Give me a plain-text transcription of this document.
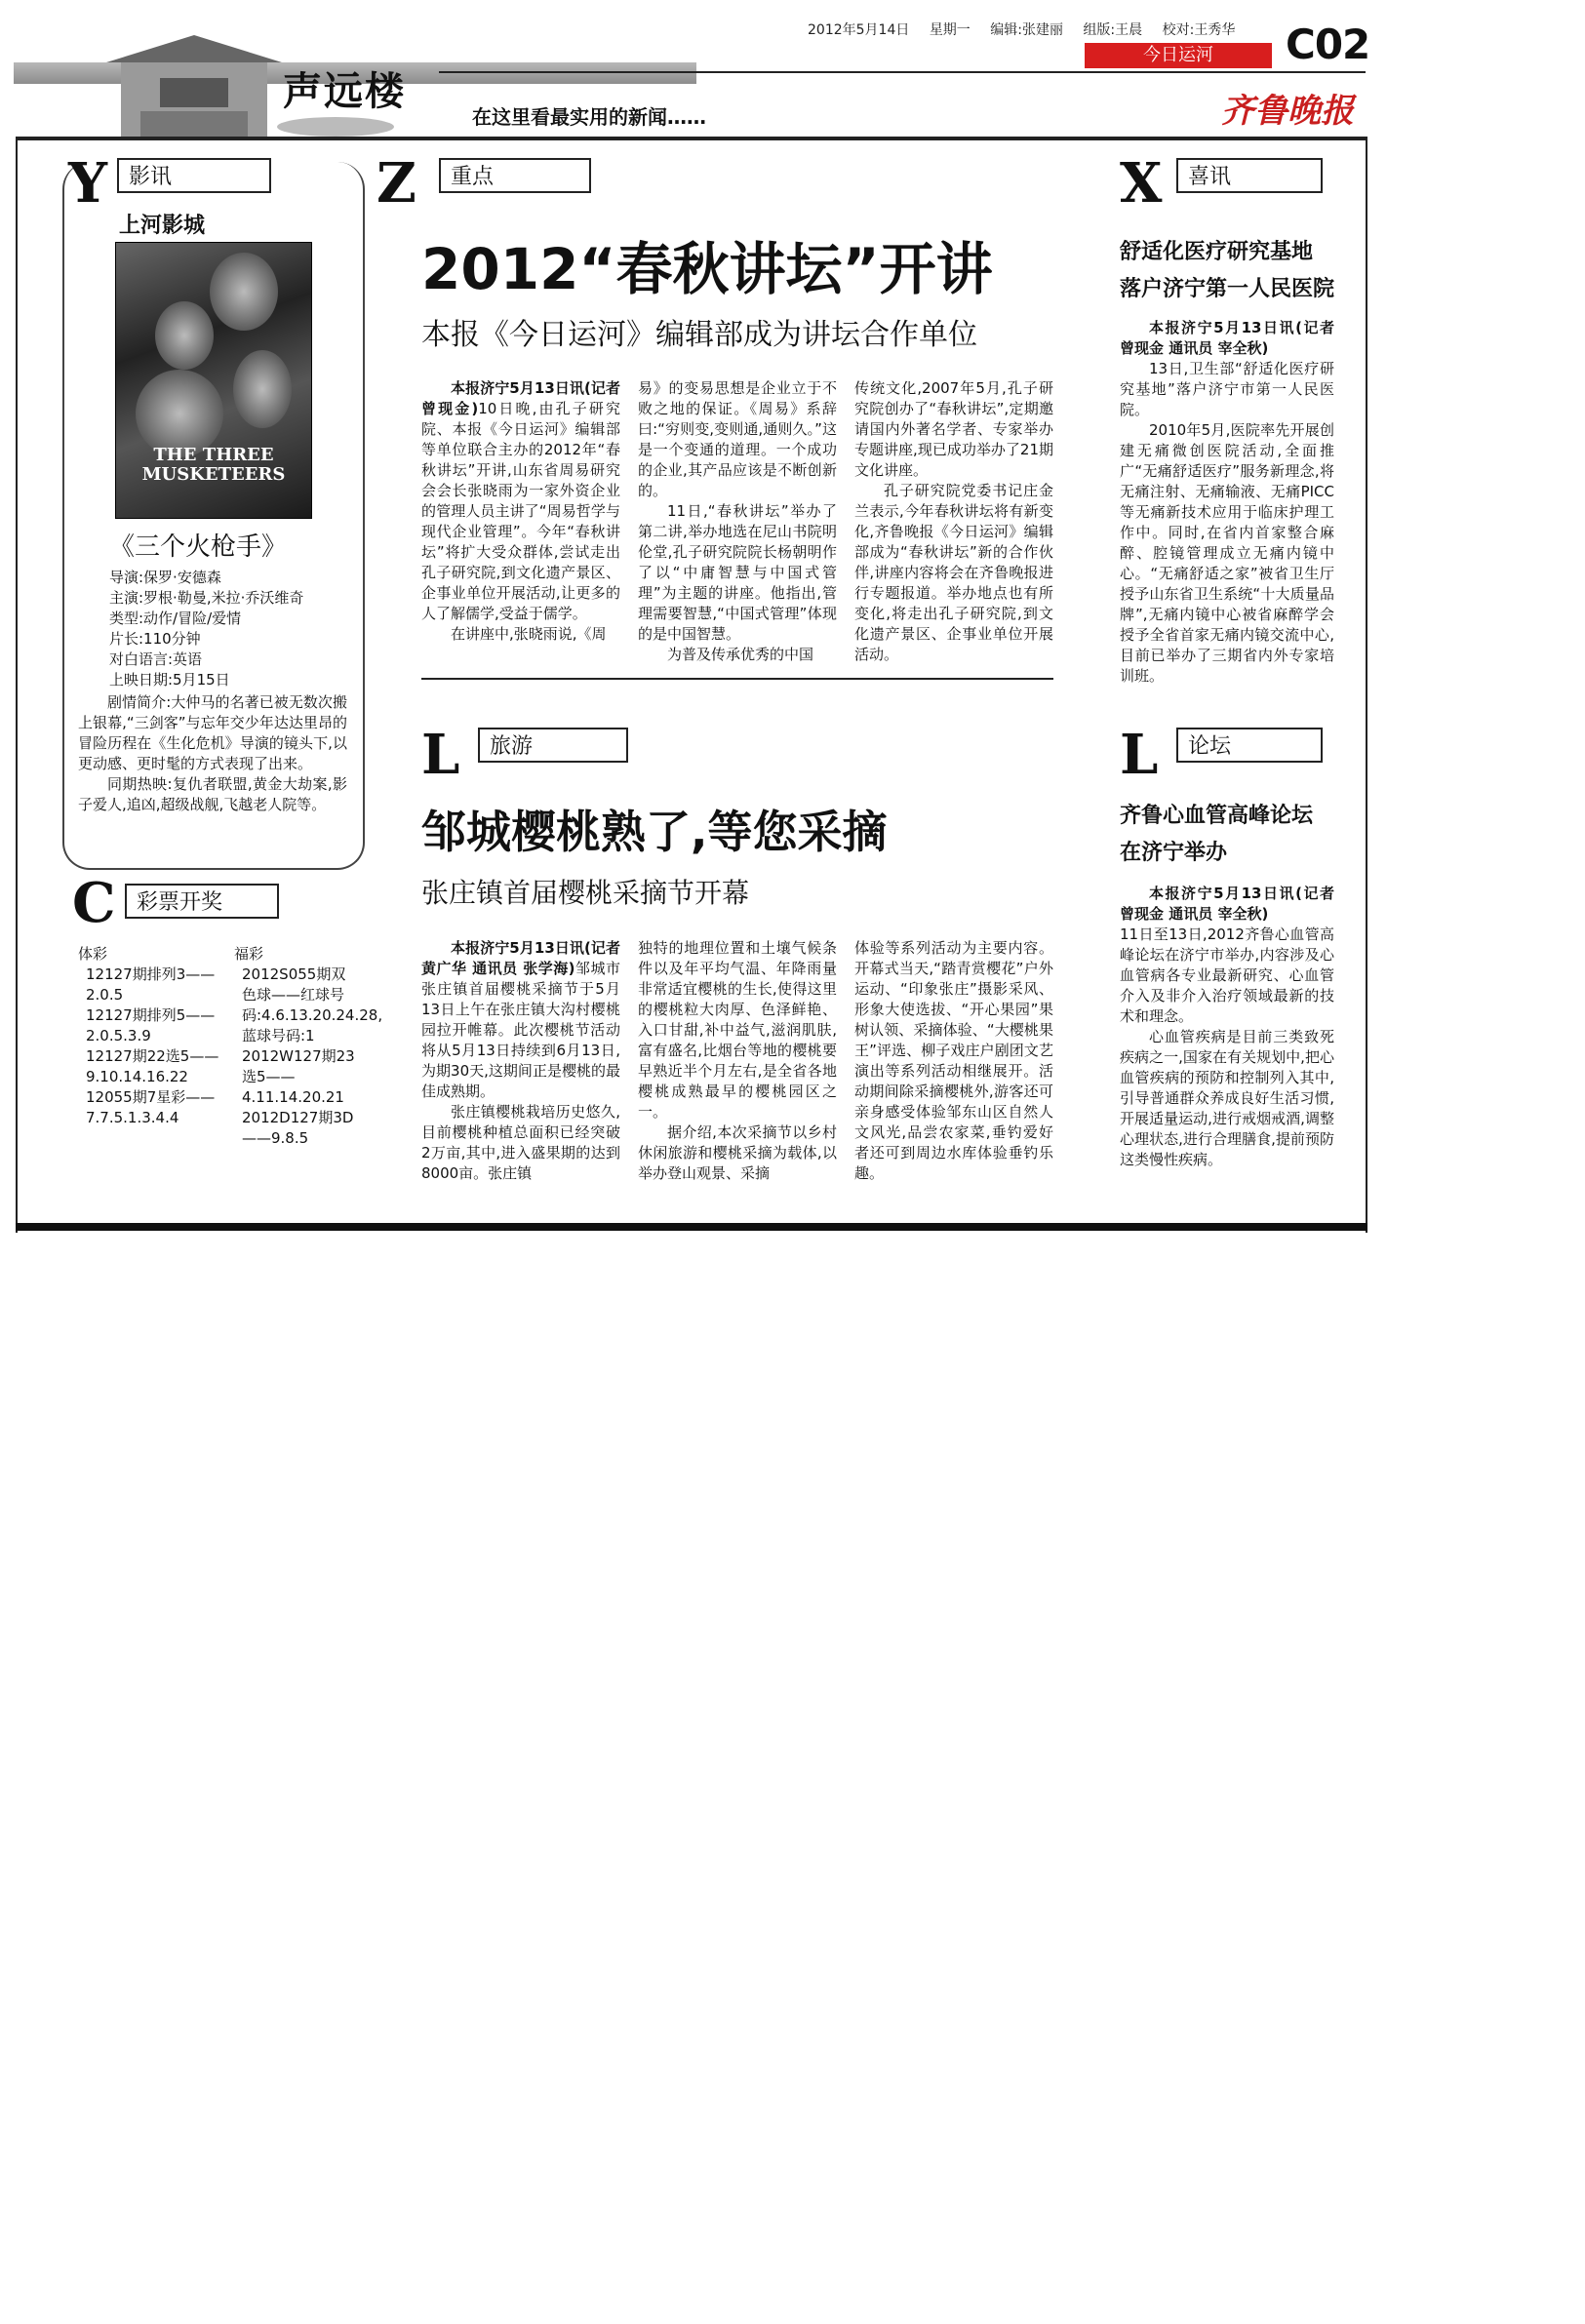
声远楼
在这里看最实用的新闻……
2012年5月14日 星期一 编辑:张建丽 组版:王晨 校对:王秀华	C02
今日运河
齐鲁晚报
Y	影讯
上河影城
THE THREE MUSKETEERS
《三个火枪手》
导演:保罗·安德森
主演:罗根·勒曼,米拉·乔沃维奇
类型:动作/冒险/爱情
片长:110分钟
对白语言:英语
上映日期:5月15日

剧情简介:大仲马的名著已被无数次搬上银幕,“三剑客”与忘年交少年达达里昂的冒险历程在《生化危机》导演的镜头下,以更动感、更时髦的方式表现了出来。

同期热映:复仇者联盟,黄金大劫案,影子爱人,追凶,超级战舰,飞越老人院等。

C 彩票开奖
体彩
12127期排列3——2.0.5
12127期排列5——2.0.5.3.9
12127期22选5——9.10.14.16.22
12055期7星彩——7.7.5.1.3.4.4
福彩
2012S055期双色球——红球号码:4.6.13.20.24.28,蓝球号码:1
2012W127期23选5——4.11.14.20.21
2012D127期3D——9.8.5
Z	重点
2012“春秋讲坛”开讲
本报《今日运河》编辑部成为讲坛合作单位

本报济宁5月13日讯(记者 曾现金)10日晚,由孔子研究院、本报《今日运河》编辑部等单位联合主办的2012年“春秋讲坛”开讲,山东省周易研究会会长张晓雨为一家外资企业的管理人员主讲了“周易哲学与现代企业管理”。今年“春秋讲坛”将扩大受众群体,尝试走出孔子研究院,到文化遗产景区、企事业单位开展活动,让更多的人了解儒学,受益于儒学。

在讲座中,张晓雨说,《周

易》的变易思想是企业立于不败之地的保证。《周易》系辞曰:“穷则变,变则通,通则久。”这是一个变通的道理。一个成功的企业,其产品应该是不断创新的。

11日,“春秋讲坛”举办了第二讲,举办地选在尼山书院明伦堂,孔子研究院院长杨朝明作了以“中庸智慧与中国式管理”为主题的讲座。他指出,管理需要智慧,“中国式管理”体现的是中国智慧。

为普及传承优秀的中国

传统文化,2007年5月,孔子研究院创办了“春秋讲坛”,定期邀请国内外著名学者、专家举办专题讲座,现已成功举办了21期文化讲座。

孔子研究院党委书记庄金兰表示,今年春秋讲坛将有新变化,齐鲁晚报《今日运河》编辑部成为“春秋讲坛”新的合作伙伴,讲座内容将会在齐鲁晚报进行专题报道。举办地点也有所变化,将走出孔子研究院,到文化遗产景区、企事业单位开展活动。

L	旅游
邹城樱桃熟了,等您采摘
张庄镇首届樱桃采摘节开幕

本报济宁5月13日讯(记者 黄广华 通讯员 张学海)邹城市张庄镇首届樱桃采摘节于5月13日上午在张庄镇大沟村樱桃园拉开帷幕。此次樱桃节活动将从5月13日持续到6月13日,为期30天,这期间正是樱桃的最佳成熟期。

张庄镇樱桃栽培历史悠久,目前樱桃种植总面积已经突破2万亩,其中,进入盛果期的达到8000亩。张庄镇

独特的地理位置和土壤气候条件以及年平均气温、年降雨量非常适宜樱桃的生长,使得这里的樱桃粒大肉厚、色泽鲜艳、入口甘甜,补中益气,滋润肌肤,富有盛名,比烟台等地的樱桃要早熟近半个月左右,是全省各地樱桃成熟最早的樱桃园区之一。

据介绍,本次采摘节以乡村休闲旅游和樱桃采摘为载体,以举办登山观景、采摘

体验等系列活动为主要内容。开幕式当天,“踏青赏樱花”户外运动、“印象张庄”摄影采风、形象大使选拔、“开心果园”果树认领、采摘体验、“大樱桃果王”评选、柳子戏庄户剧团文艺演出等系列活动相继展开。活动期间除采摘樱桃外,游客还可亲身感受体验邹东山区自然人文风光,品尝农家菜,垂钓爱好者还可到周边水库体验垂钓乐趣。

X	喜讯
舒适化医疗研究基地
落户济宁第一人民医院

本报济宁5月13日讯(记者 曾现金 通讯员 宰全秋)

13日,卫生部“舒适化医疗研究基地”落户济宁市第一人民医院。

2010年5月,医院率先开展创建无痛微创医院活动,全面推广“无痛舒适医疗”服务新理念,将无痛注射、无痛输液、无痛PICC等无痛新技术应用于临床护理工作中。同时,在省内首家整合麻醉、腔镜管理成立无痛内镜中心。“无痛舒适之家”被省卫生厅授予山东省卫生系统“十大质量品牌”,无痛内镜中心被省麻醉学会授予全省首家无痛内镜交流中心,目前已举办了三期省内外专家培训班。

L	论坛
齐鲁心血管高峰论坛
在济宁举办

本报济宁5月13日讯(记者 曾现金 通讯员 宰全秋)

11日至13日,2012齐鲁心血管高峰论坛在济宁市举办,内容涉及心血管病各专业最新研究、心血管介入及非介入治疗领域最新的技术和理念。

心血管疾病是目前三类致死疾病之一,国家在有关规划中,把心血管疾病的预防和控制列入其中,引导普通群众养成良好生活习惯,开展适量运动,进行戒烟戒酒,调整心理状态,进行合理膳食,提前预防这类慢性疾病。
